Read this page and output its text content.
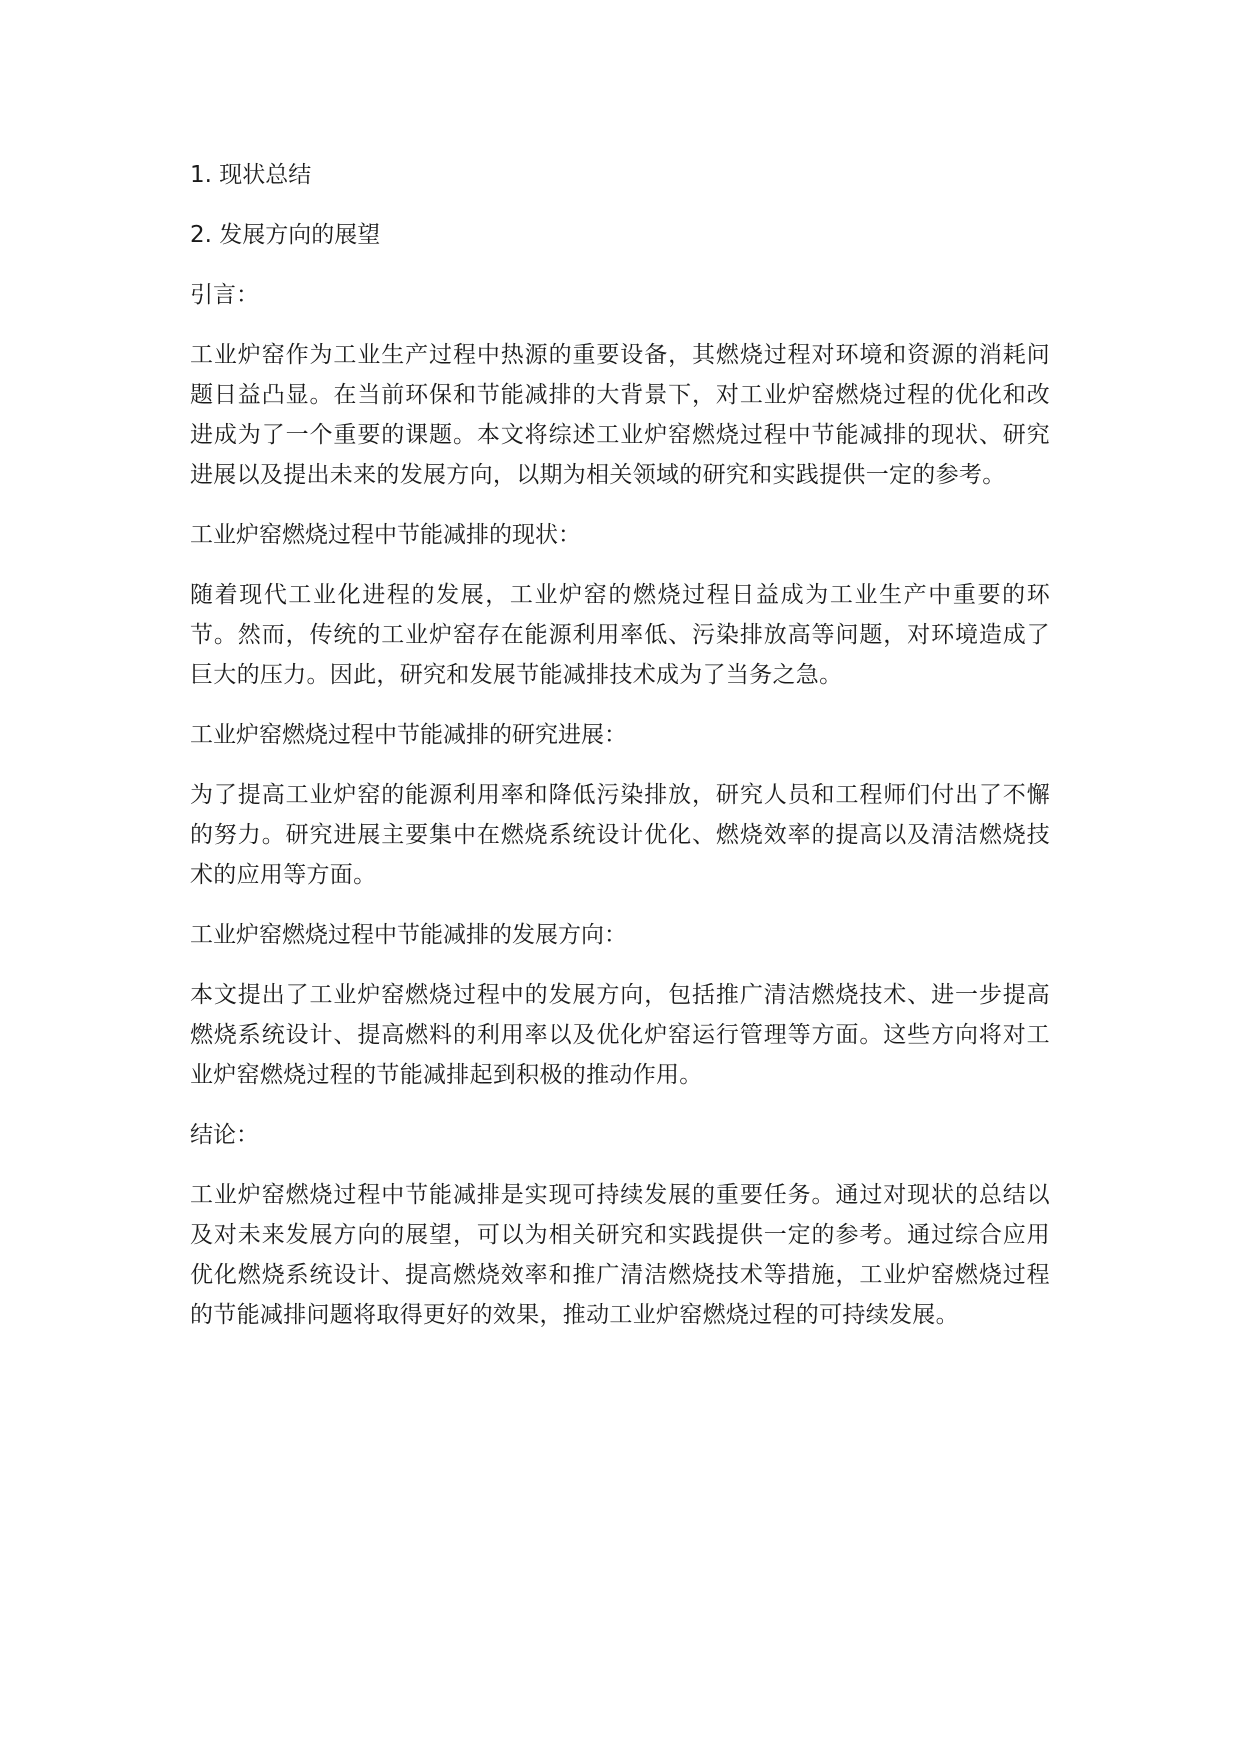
1. 现状总结

2. 发展方向的展望

引言：

工业炉窑作为工业生产过程中热源的重要设备，其燃烧过程对环境和资源的消耗问题日益凸显。在当前环保和节能减排的大背景下，对工业炉窑燃烧过程的优化和改进成为了一个重要的课题。本文将综述工业炉窑燃烧过程中节能减排的现状、研究进展以及提出未来的发展方向，以期为相关领域的研究和实践提供一定的参考。

工业炉窑燃烧过程中节能减排的现状：

随着现代工业化进程的发展，工业炉窑的燃烧过程日益成为工业生产中重要的环节。然而，传统的工业炉窑存在能源利用率低、污染排放高等问题，对环境造成了巨大的压力。因此，研究和发展节能减排技术成为了当务之急。

工业炉窑燃烧过程中节能减排的研究进展：

为了提高工业炉窑的能源利用率和降低污染排放，研究人员和工程师们付出了不懈的努力。研究进展主要集中在燃烧系统设计优化、燃烧效率的提高以及清洁燃烧技术的应用等方面。

工业炉窑燃烧过程中节能减排的发展方向：

本文提出了工业炉窑燃烧过程中的发展方向，包括推广清洁燃烧技术、进一步提高燃烧系统设计、提高燃料的利用率以及优化炉窑运行管理等方面。这些方向将对工业炉窑燃烧过程的节能减排起到积极的推动作用。

结论：

工业炉窑燃烧过程中节能减排是实现可持续发展的重要任务。通过对现状的总结以及对未来发展方向的展望，可以为相关研究和实践提供一定的参考。通过综合应用优化燃烧系统设计、提高燃烧效率和推广清洁燃烧技术等措施，工业炉窑燃烧过程的节能减排问题将取得更好的效果，推动工业炉窑燃烧过程的可持续发展。
